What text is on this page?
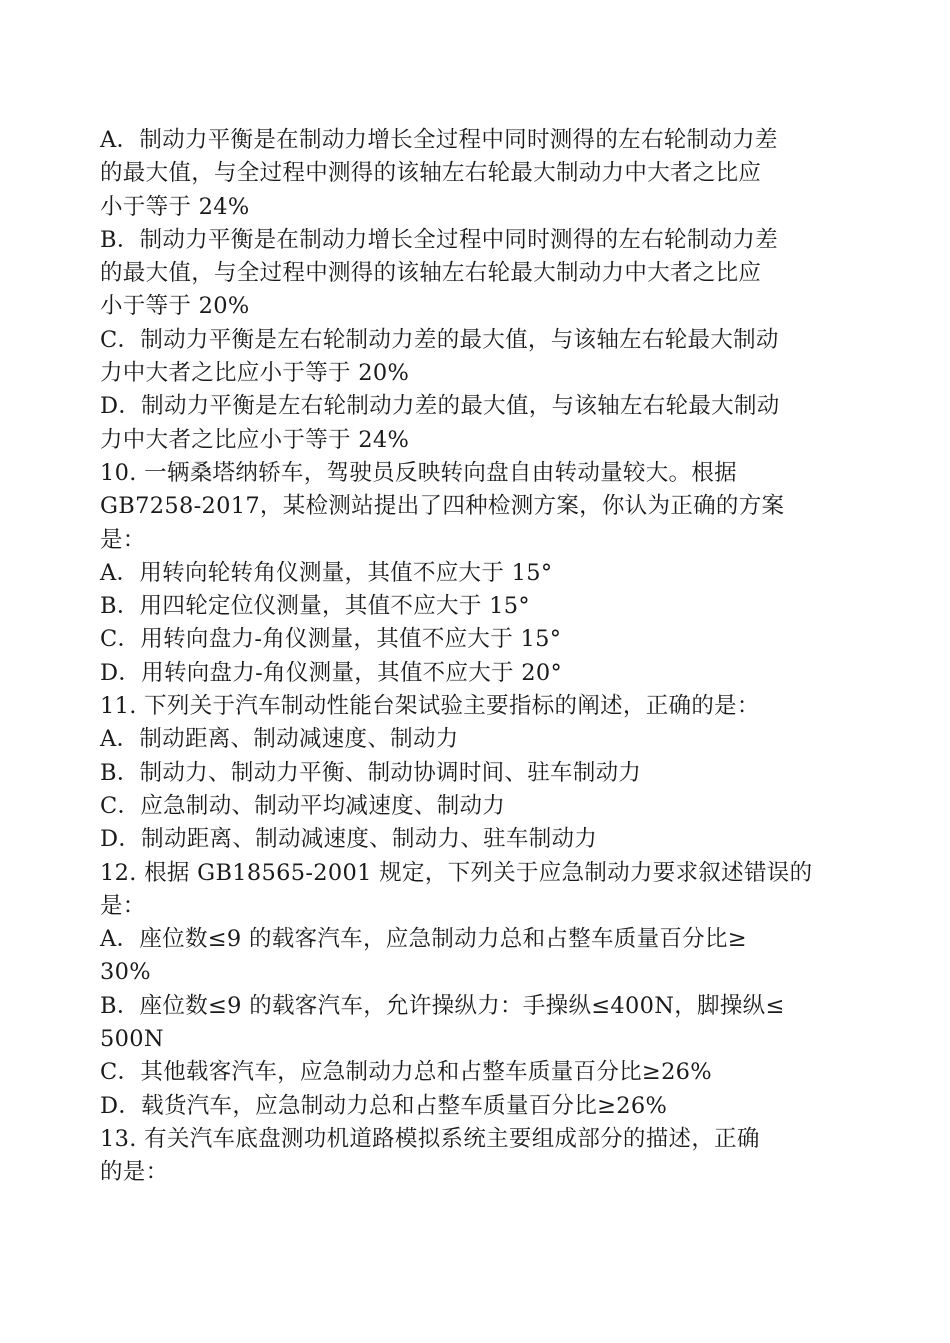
A．制动力平衡是在制动力增长全过程中同时测得的左右轮制动力差
的最大值，与全过程中测得的该轴左右轮最大制动力中大者之比应
小于等于 24%
B．制动力平衡是在制动力增长全过程中同时测得的左右轮制动力差
的最大值，与全过程中测得的该轴左右轮最大制动力中大者之比应
小于等于 20%
C．制动力平衡是左右轮制动力差的最大值，与该轴左右轮最大制动
力中大者之比应小于等于 20%
D．制动力平衡是左右轮制动力差的最大值，与该轴左右轮最大制动
力中大者之比应小于等于 24%
10. 一辆桑塔纳轿车，驾驶员反映转向盘自由转动量较大。根据
GB7258-2017，某检测站提出了四种检测方案，你认为正确的方案
是：
A．用转向轮转角仪测量，其值不应大于 15°
B．用四轮定位仪测量，其值不应大于 15°
C．用转向盘力-角仪测量，其值不应大于 15°
D．用转向盘力-角仪测量，其值不应大于 20°
11. 下列关于汽车制动性能台架试验主要指标的阐述，正确的是：
A．制动距离、制动减速度、制动力
B．制动力、制动力平衡、制动协调时间、驻车制动力
C．应急制动、制动平均减速度、制动力
D．制动距离、制动减速度、制动力、驻车制动力
12. 根据 GB18565-2001 规定，下列关于应急制动力要求叙述错误的
是：
A．座位数≤9 的载客汽车，应急制动力总和占整车质量百分比≥
30%
B．座位数≤9 的载客汽车，允许操纵力：手操纵≤400N，脚操纵≤
500N
C．其他载客汽车，应急制动力总和占整车质量百分比≥26%
D．载货汽车，应急制动力总和占整车质量百分比≥26%
13. 有关汽车底盘测功机道路模拟系统主要组成部分的描述，正确
的是：
